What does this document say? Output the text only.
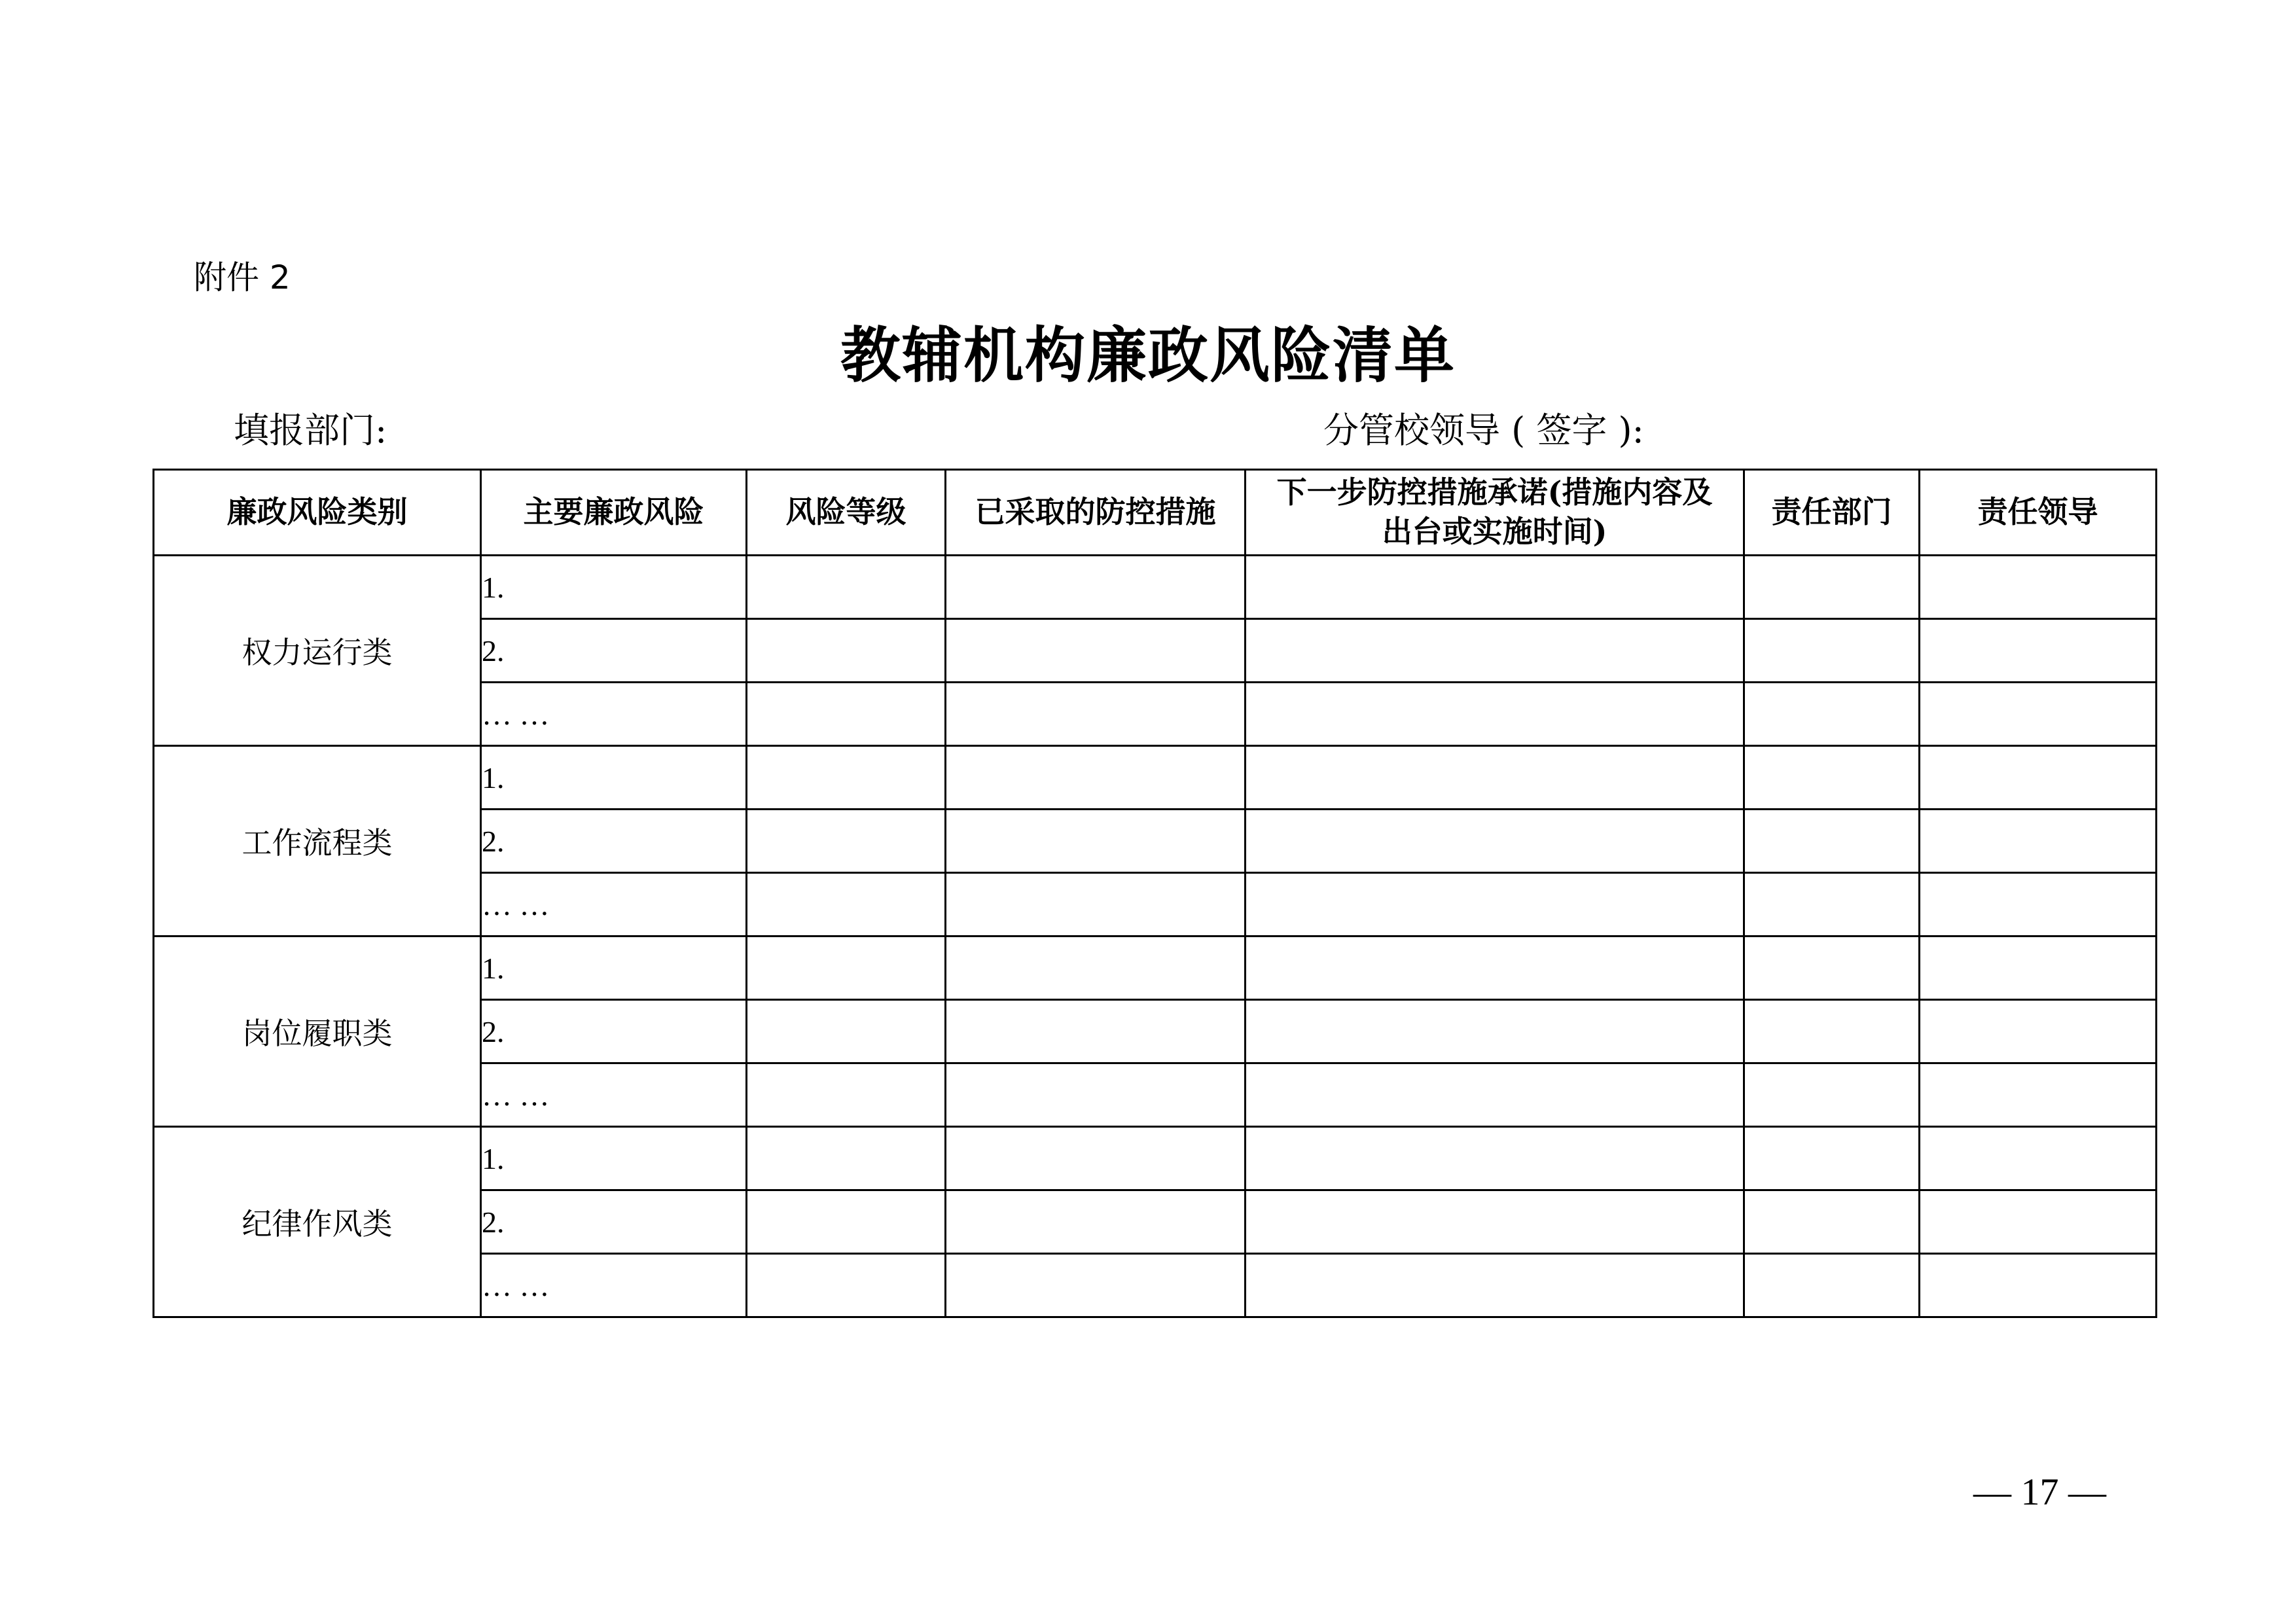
附件 2
教辅机构廉政风险清单
填报部门:	分管校领导 ( 签字 ):
廉政风险类别	主要廉政风险	风险等级	已采取的防控措施	下一步防控措施承诺(措施内容及出台或实施时间)	责任部门	责任领导
权力运行类	1.					
	2.					
	… …					
工作流程类	1.					
	2.					
	… …					
岗位履职类	1.					
	2.					
	… …					
纪律作风类	1.					
	2.					
	… …					
— 17 —
